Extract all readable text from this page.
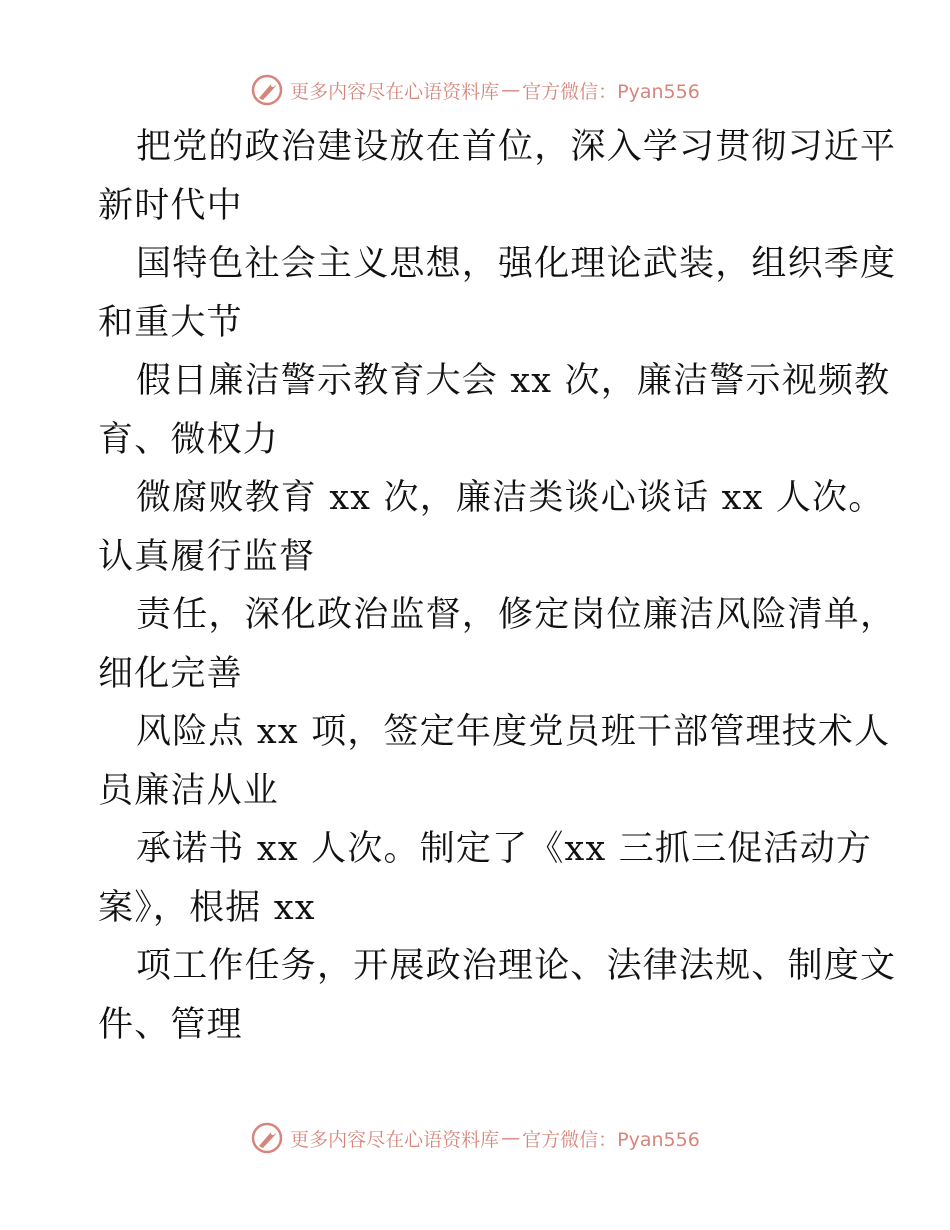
更多内容尽在心语资料库 — 官方微信：Pyan556
把党的政治建设放在首位，深入学习贯彻习近平
新时代中
国特色社会主义思想，强化理论武装，组织季度
和重大节
假日廉洁警示教育大会 xx 次，廉洁警示视频教
育、微权力
微腐败教育 xx 次，廉洁类谈心谈话 xx 人次。
认真履行监督
责任，深化政治监督，修定岗位廉洁风险清单，
细化完善
风险点 xx 项，签定年度党员班干部管理技术人
员廉洁从业
承诺书 xx 人次。制定了《xx 三抓三促活动方
案》，根据 xx
项工作任务，开展政治理论、法律法规、制度文
件、管理
更多内容尽在心语资料库 — 官方微信：Pyan556
